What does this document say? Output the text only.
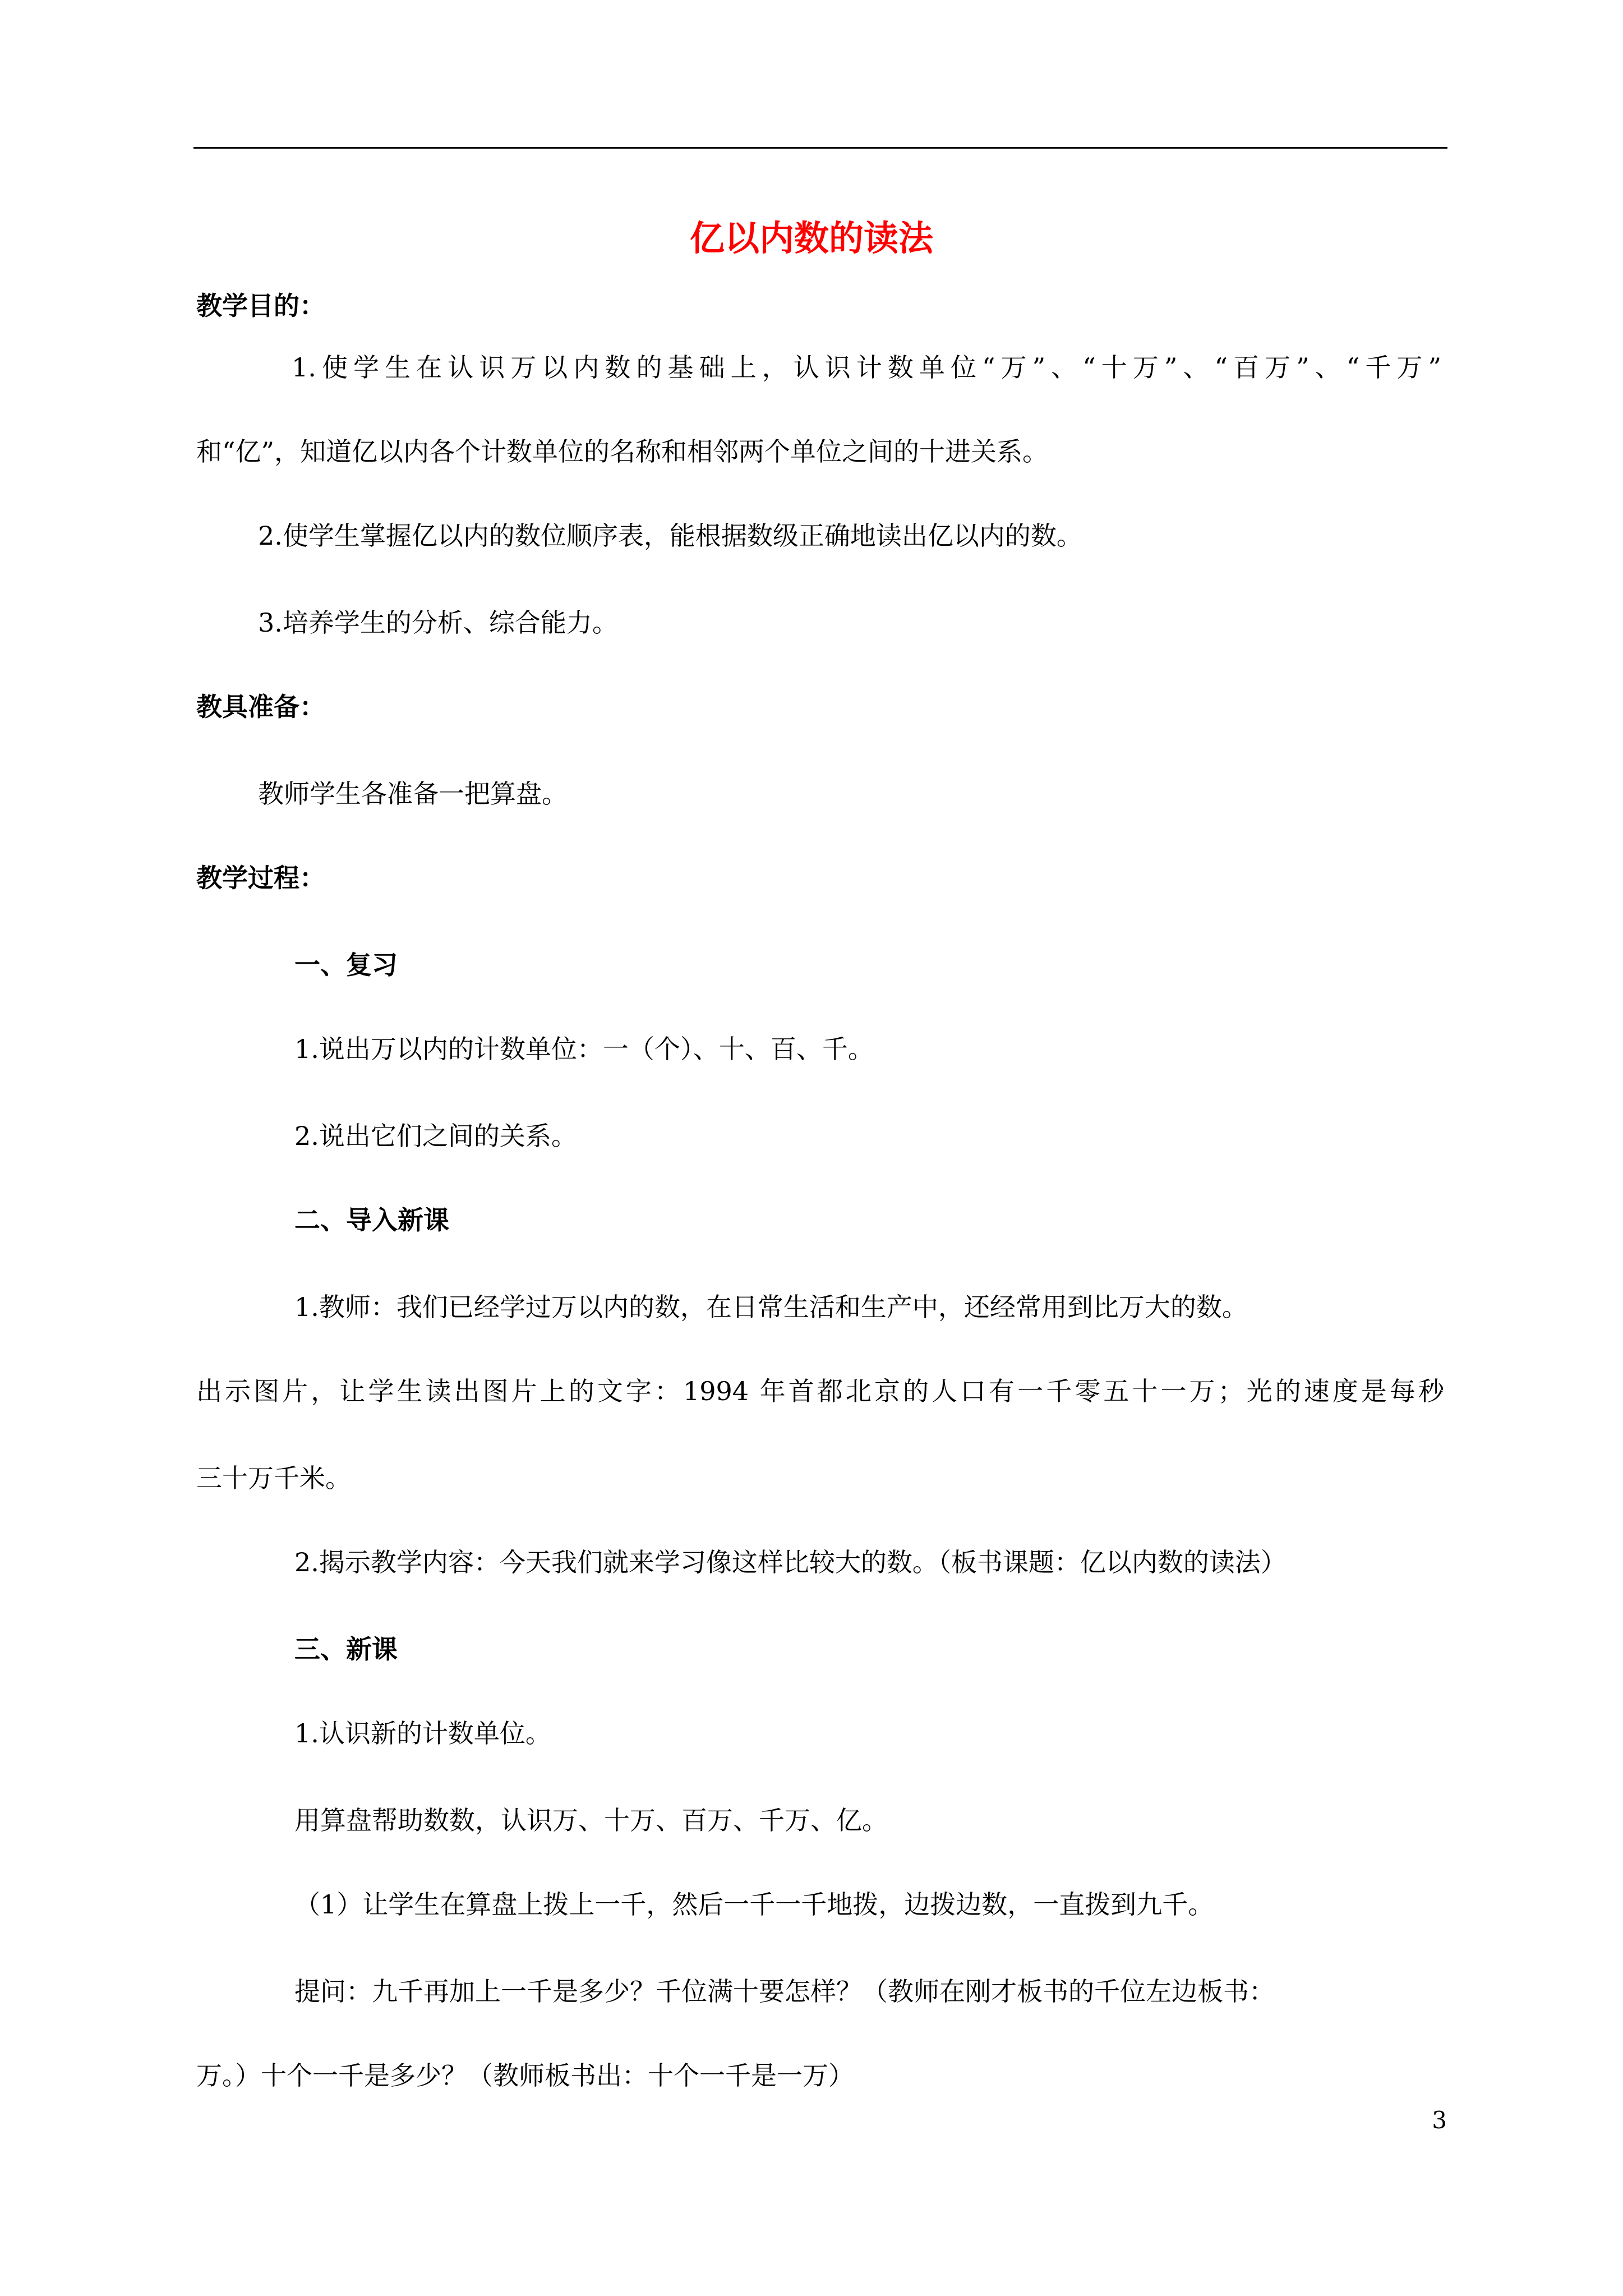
亿以内数的读法
教学目的：
1.使学生在认识万以内数的基础上，认识计数单位“万”、“十万”、“百万”、“千万”
和“亿”，知道亿以内各个计数单位的名称和相邻两个单位之间的十进关系。
2.使学生掌握亿以内的数位顺序表，能根据数级正确地读出亿以内的数。
3.培养学生的分析、综合能力。
教具准备：
教师学生各准备一把算盘。
教学过程：
一、复习
1.说出万以内的计数单位：一（个）、十、百、千。
2.说出它们之间的关系。
二、导入新课
1.教师：我们已经学过万以内的数，在日常生活和生产中，还经常用到比万大的数。
出示图片，让学生读出图片上的文字：1994 年首都北京的人口有一千零五十一万；光的速度是每秒
三十万千米。
2.揭示教学内容：今天我们就来学习像这样比较大的数。（板书课题：亿以内数的读法）
三、新课
1.认识新的计数单位。
用算盘帮助数数，认识万、十万、百万、千万、亿。
（1）让学生在算盘上拨上一千，然后一千一千地拨，边拨边数，一直拨到九千。
提问：九千再加上一千是多少？千位满十要怎样？（教师在刚才板书的千位左边板书：
万。）十个一千是多少？（教师板书出：十个一千是一万）
3
